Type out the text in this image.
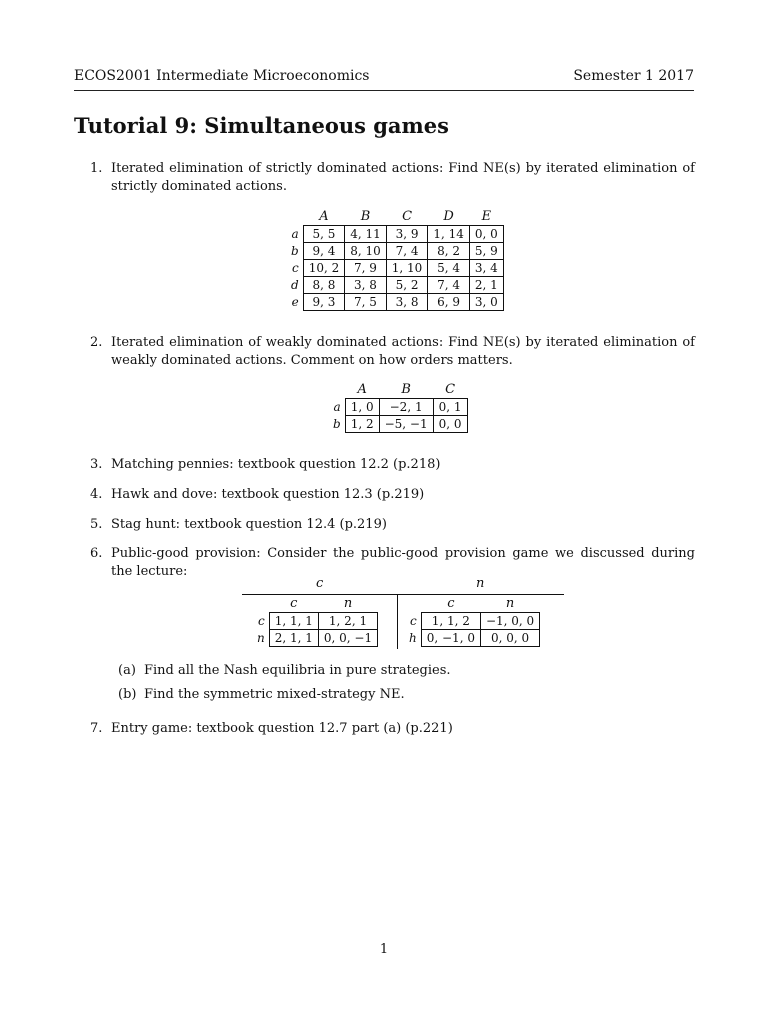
ECOS2001 Intermediate Microeconomics	Semester 1 2017
Tutorial 9: Simultaneous games
1. Iterated elimination of strictly dominated actions: Find NE(s) by iterated elimination of strictly dominated actions.
	A	B	C	D	E
a	5, 5	4, 11	3, 9	1, 14	0, 0
b	9, 4	8, 10	7, 4	8, 2	5, 9
c	10, 2	7, 9	1, 10	5, 4	3, 4
d	8, 8	3, 8	5, 2	7, 4	2, 1
e	9, 3	7, 5	3, 8	6, 9	3, 0
2. Iterated elimination of weakly dominated actions: Find NE(s) by iterated elimination of weakly dominated actions. Comment on how orders matters.
	A	B	C
a	1, 0	−2, 1	0, 1
b	1, 2	−5, −1	0, 0
3. Matching pennies: textbook question 12.2 (p.218)
4. Hawk and dove: textbook question 12.3 (p.219)
5. Stag hunt: textbook question 12.4 (p.219)
6. Public-good provision: Consider the public-good provision game we discussed during the lecture:
c	n
	c	n
c	1, 1, 1	1, 2, 1
n	2, 1, 1	0, 0, −1
	c	n
c	1, 1, 2	−1, 0, 0
h	0, −1, 0	0, 0, 0
(a) Find all the Nash equilibria in pure strategies.
(b) Find the symmetric mixed-strategy NE.
7. Entry game: textbook question 12.7 part (a) (p.221)
1
